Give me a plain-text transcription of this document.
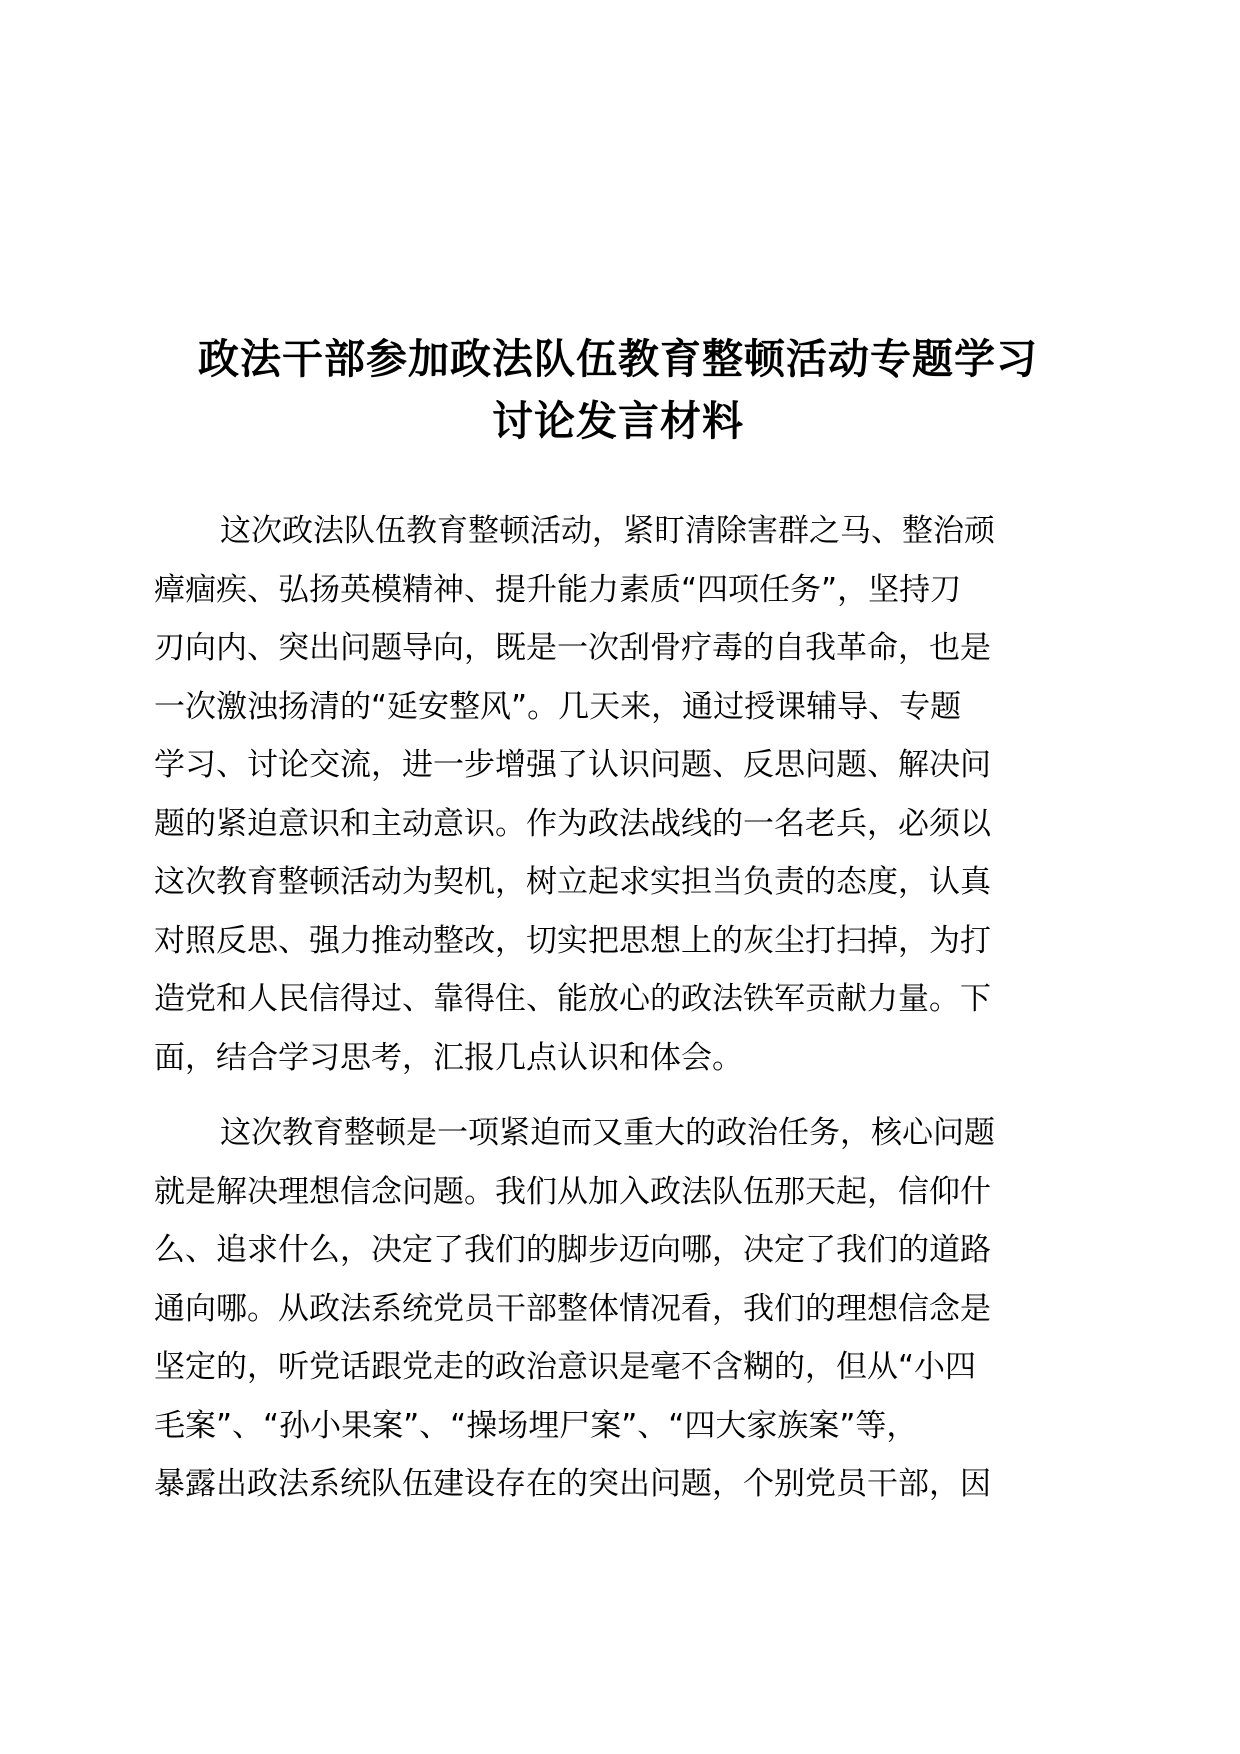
政法干部参加政法队伍教育整顿活动专题学习
讨论发言材料

这次政法队伍教育整顿活动，紧盯清除害群之马、整治顽
瘴痼疾、弘扬英模精神、提升能力素质“四项任务”，坚持刀
刃向内、突出问题导向，既是一次刮骨疗毒的自我革命，也是
一次激浊扬清的“延安整风”。几天来，通过授课辅导、专题
学习、讨论交流，进一步增强了认识问题、反思问题、解决问
题的紧迫意识和主动意识。作为政法战线的一名老兵，必须以
这次教育整顿活动为契机，树立起求实担当负责的态度，认真
对照反思、强力推动整改，切实把思想上的灰尘打扫掉，为打
造党和人民信得过、靠得住、能放心的政法铁军贡献力量。下
面，结合学习思考，汇报几点认识和体会。

这次教育整顿是一项紧迫而又重大的政治任务，核心问题
就是解决理想信念问题。我们从加入政法队伍那天起，信仰什
么、追求什么，决定了我们的脚步迈向哪，决定了我们的道路
通向哪。从政法系统党员干部整体情况看，我们的理想信念是
坚定的，听党话跟党走的政治意识是毫不含糊的，但从“小四
毛案”、“孙小果案”、“操场埋尸案”、“四大家族案”等，
暴露出政法系统队伍建设存在的突出问题，个别党员干部，因
